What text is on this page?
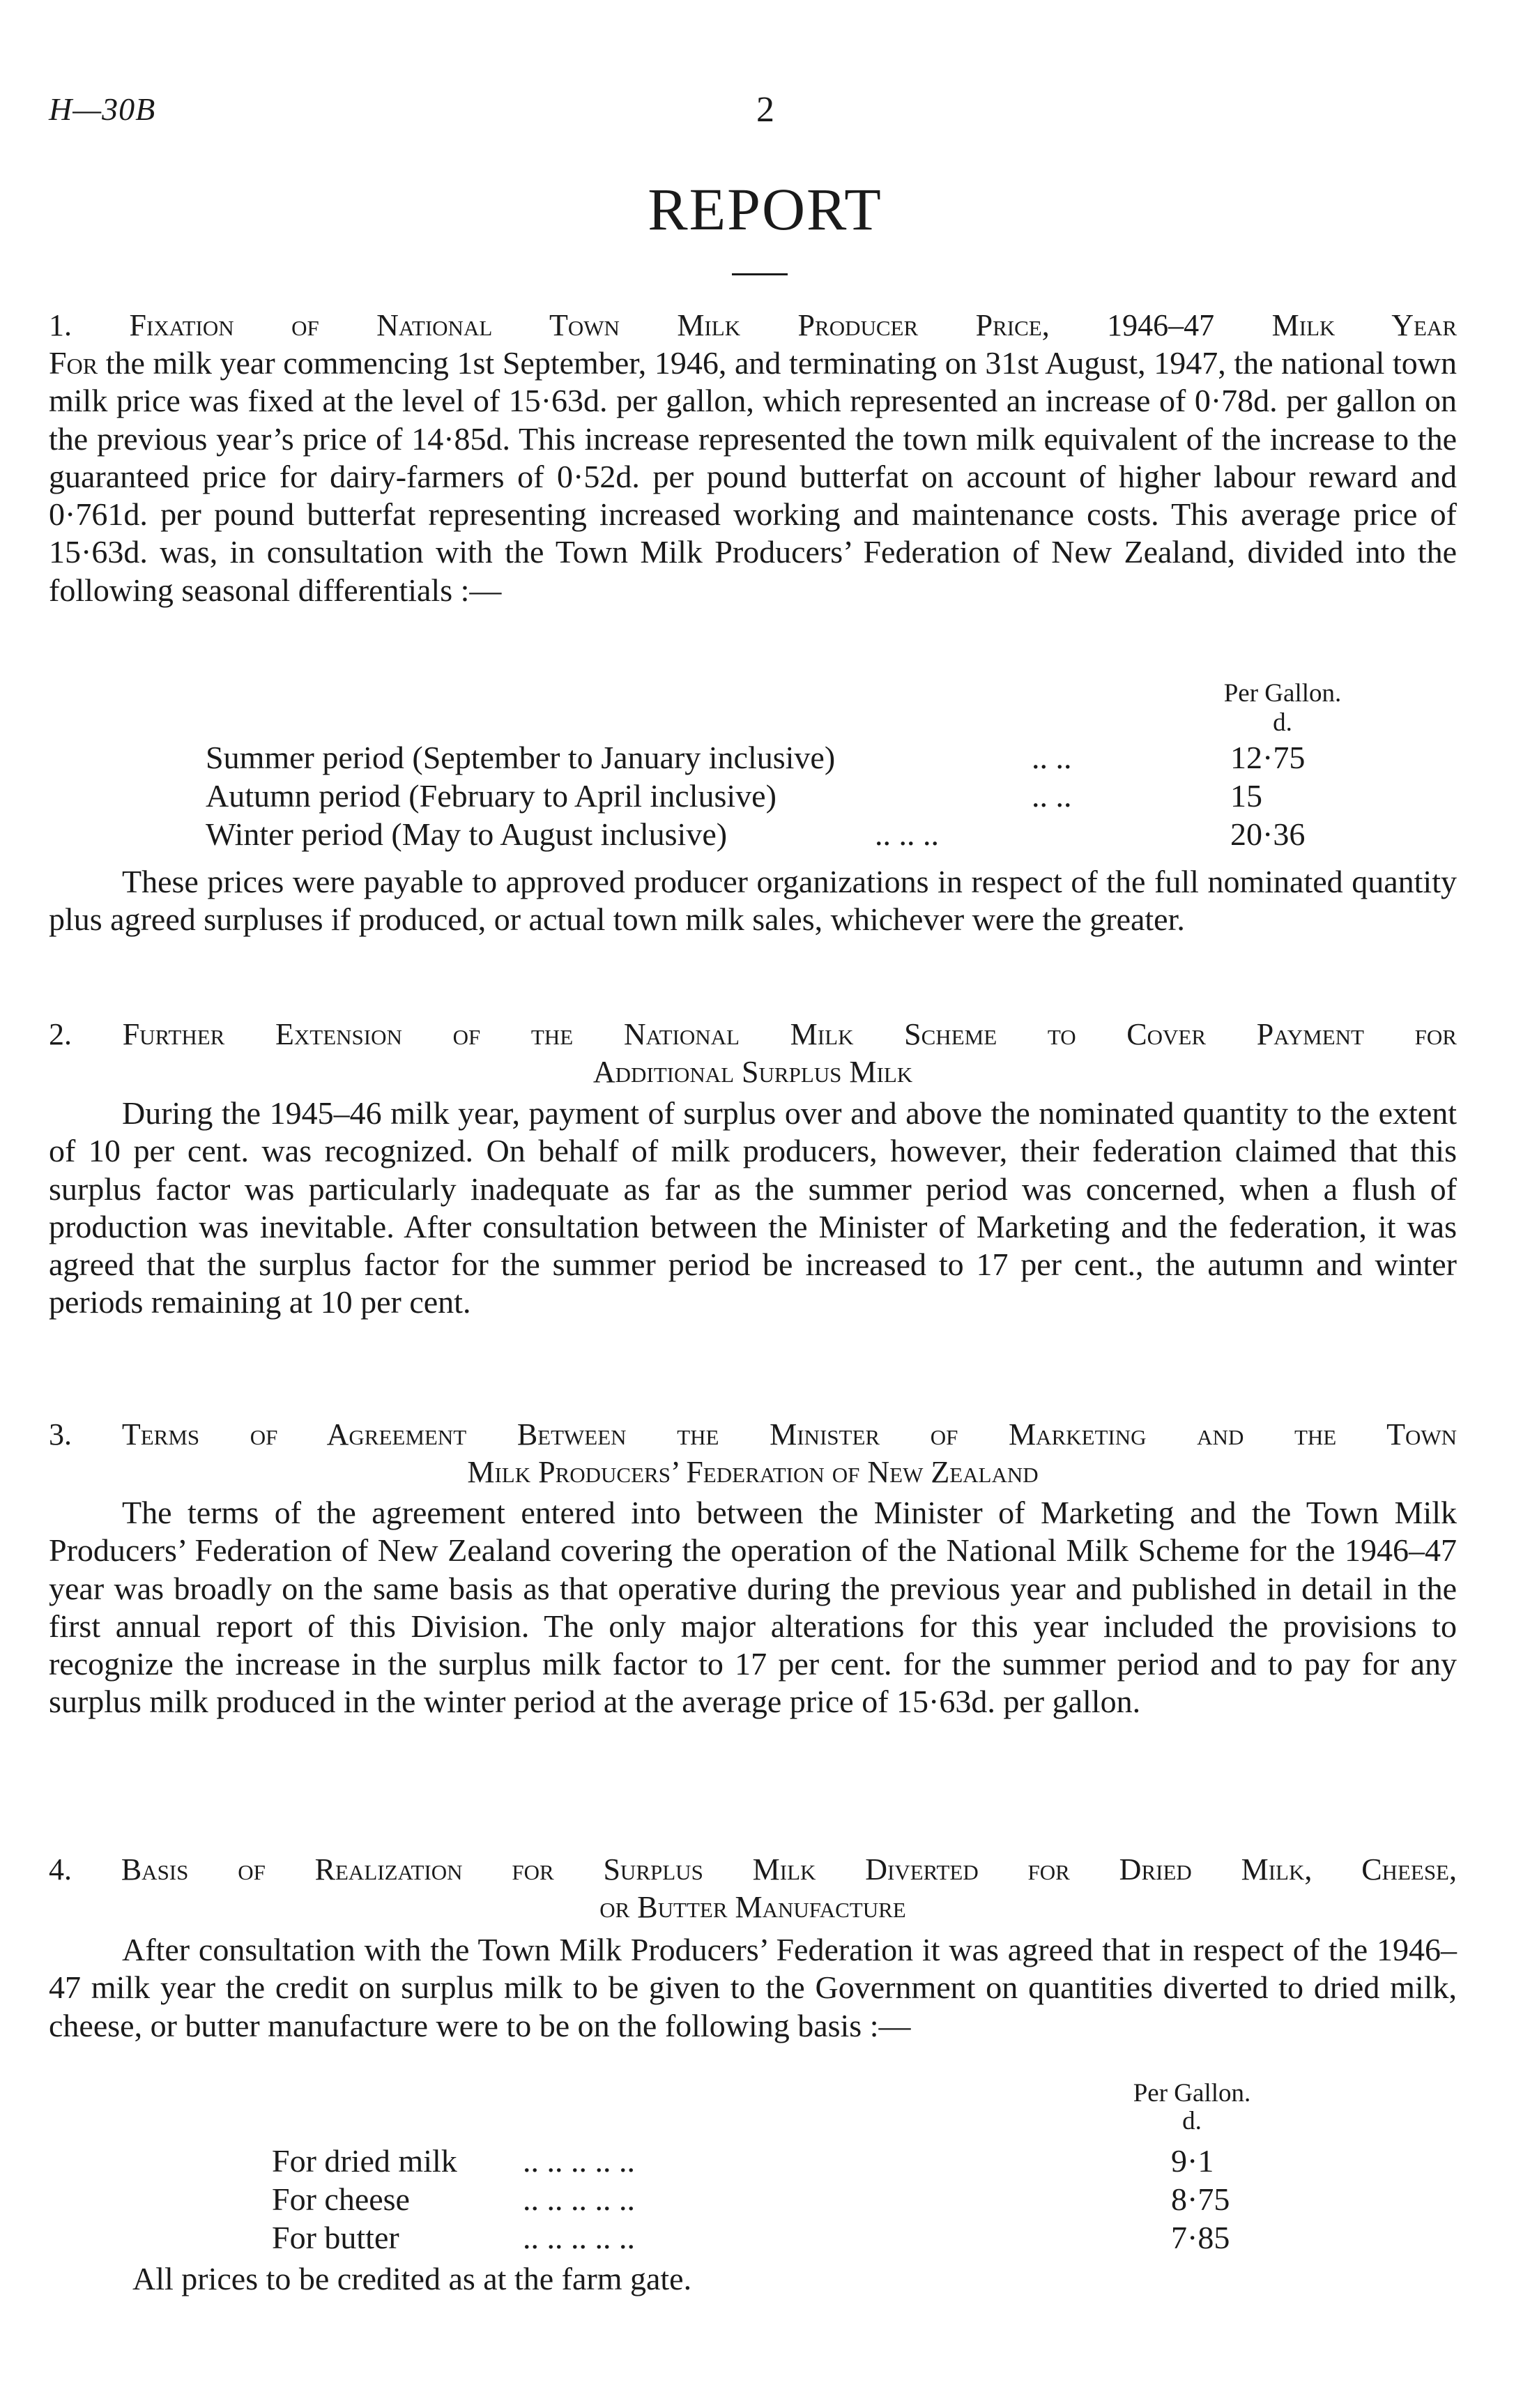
H—30B	2
REPORT
1. Fixation of National Town Milk Producer Price, 1946–47 Milk Year
For the milk year commencing 1st September, 1946, and terminating on 31st August, 1947, the national town milk price was fixed at the level of 15·63d. per gallon, which represented an increase of 0·78d. per gallon on the previous year’s price of 14·85d. This increase represented the town milk equivalent of the increase to the guaranteed price for dairy-farmers of 0·52d. per pound butterfat on account of higher labour reward and 0·761d. per pound butterfat representing increased working and maintenance costs. This average price of 15·63d. was, in consultation with the Town Milk Producers’ Federation of New Zealand, divided into the following seasonal differentials :—
Per Gallon.
d.
Summer period (September to January inclusive)	.. ..	12·75
Autumn period (February to April inclusive)	.. ..	15
Winter period (May to August inclusive)	.. .. ..	20·36
These prices were payable to approved producer organizations in respect of the full nominated quantity plus agreed surpluses if produced, or actual town milk sales, whichever were the greater.
2. Further Extension of the National Milk Scheme to Cover Payment for
Additional Surplus Milk
During the 1945–46 milk year, payment of surplus over and above the nominated quantity to the extent of 10 per cent. was recognized. On behalf of milk producers, however, their federation claimed that this surplus factor was particularly inadequate as far as the summer period was concerned, when a flush of production was inevitable. After consultation between the Minister of Marketing and the federation, it was agreed that the surplus factor for the summer period be increased to 17 per cent., the autumn and winter periods remaining at 10 per cent.
3. Terms of Agreement Between the Minister of Marketing and the Town
Milk Producers’ Federation of New Zealand
The terms of the agreement entered into between the Minister of Marketing and the Town Milk Producers’ Federation of New Zealand covering the operation of the National Milk Scheme for the 1946–47 year was broadly on the same basis as that operative during the previous year and published in detail in the first annual report of this Division. The only major alterations for this year included the provisions to recognize the increase in the surplus milk factor to 17 per cent. for the summer period and to pay for any surplus milk produced in the winter period at the average price of 15·63d. per gallon.
4. Basis of Realization for Surplus Milk Diverted for Dried Milk, Cheese,
or Butter Manufacture
After consultation with the Town Milk Producers’ Federation it was agreed that in respect of the 1946–47 milk year the credit on surplus milk to be given to the Government on quantities diverted to dried milk, cheese, or butter manufacture were to be on the following basis :—
Per Gallon.
d.
For dried milk .. .. .. .. ..	9·1
For cheese	.. .. .. .. ..	8·75
For butter	.. .. .. .. ..	7·85
All prices to be credited as at the farm gate.
